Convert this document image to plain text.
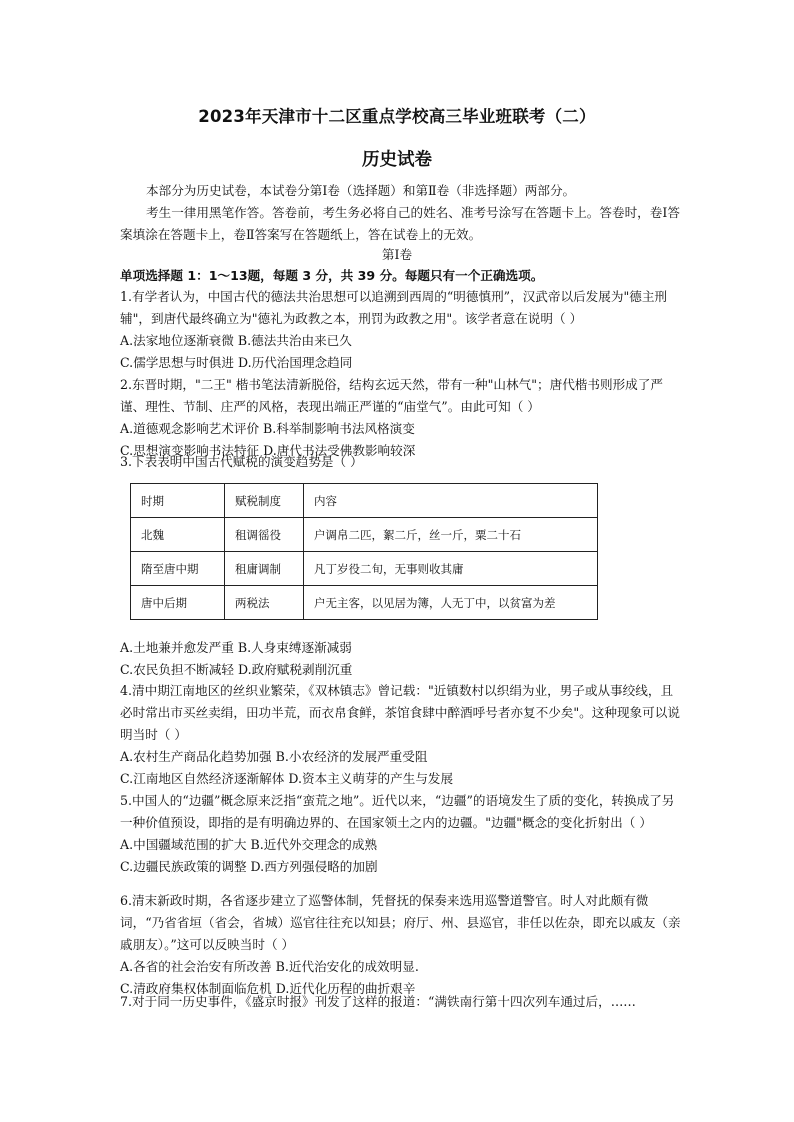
2023年天津市十二区重点学校高三毕业班联考（二）
历史试卷

本部分为历史试卷，本试卷分第Ⅰ卷（选择题）和第Ⅱ卷（非选择题）两部分。

考生一律用黑笔作答。答卷前，考生务必将自己的姓名、准考号涂写在答题卡上。答卷时，卷Ⅰ答案填涂在答题卡上，卷Ⅱ答案写在答题纸上，答在试卷上的无效。

第Ⅰ卷
单项选择题 1：1～13题，每题 3 分，共 39 分。每题只有一个正确选项。

1.有学者认为，中国古代的德法共治思想可以追溯到西周的“明德慎刑”，汉武帝以后发展为"德主刑辅"，到唐代最终确立为"德礼为政教之本，刑罚为政教之用"。该学者意在说明（ ）

A.法家地位逐渐衰微 B.德法共治由来已久

C.儒学思想与时俱进 D.历代治国理念趋同

2.东晋时期，"二王" 楷书笔法清新脱俗，结构玄远天然，带有一种"山林气"；唐代楷书则形成了严谨、理性、节制、庄严的风格，表现出端正严谨的“庙堂气”。由此可知（ ）

A.道德观念影响艺术评价 B.科举制影响书法风格演变

C.思想演变影响书法特征 D.唐代书法受佛教影响较深

3.下表表明中国古代赋税的演变趋势是（ ）

时期	赋税制度	内容
北魏	租调徭役	户调帛二匹，絮二斤，丝一斤，粟二十石
隋至唐中期	租庸调制	凡丁岁役二旬，无事则收其庸
唐中后期	两税法	户无主客，以见居为簿，人无丁中，以贫富为差

A.土地兼并愈发严重 B.人身束缚逐渐减弱

C.农民负担不断减轻 D.政府赋税剥削沉重

4.清中期江南地区的丝织业繁荣，《双林镇志》曾记载："近镇数村以织绢为业，男子或从事绞线，且必时常出市买丝卖绢，田功半荒，而衣帛食鲜，茶馆食肆中醉酒呼号者亦复不少矣"。这种现象可以说明当时（ ）

A.农村生产商品化趋势加强 B.小农经济的发展严重受阻

C.江南地区自然经济逐渐解体 D.资本主义萌芽的产生与发展

5.中国人的“边疆”概念原来泛指“蛮荒之地”。近代以来，“边疆”的语境发生了质的变化，转换成了另一种价值预设，即指的是有明确边界的、在国家领土之内的边疆。"边疆"概念的变化折射出（ ）

A.中国疆域范围的扩大 B.近代外交理念的成熟

C.边疆民族政策的调整 D.西方列强侵略的加剧

6.清末新政时期，各省逐步建立了巡警体制，凭督抚的保奏来选用巡警道警官。时人对此颇有微词，“乃省省垣（省会，省城）巡官往往充以知县；府厅、州、县巡官，非任以佐杂，即充以戚友（亲戚朋友）。”这可以反映当时（ ）

A.各省的社会治安有所改善 B.近代治安化的成效明显.

C.清政府集权体制面临危机 D.近代化历程的曲折艰辛

7.对于同一历史事件，《盛京时报》刊发了这样的报道：“满铁南行第十四次列车通过后，……
